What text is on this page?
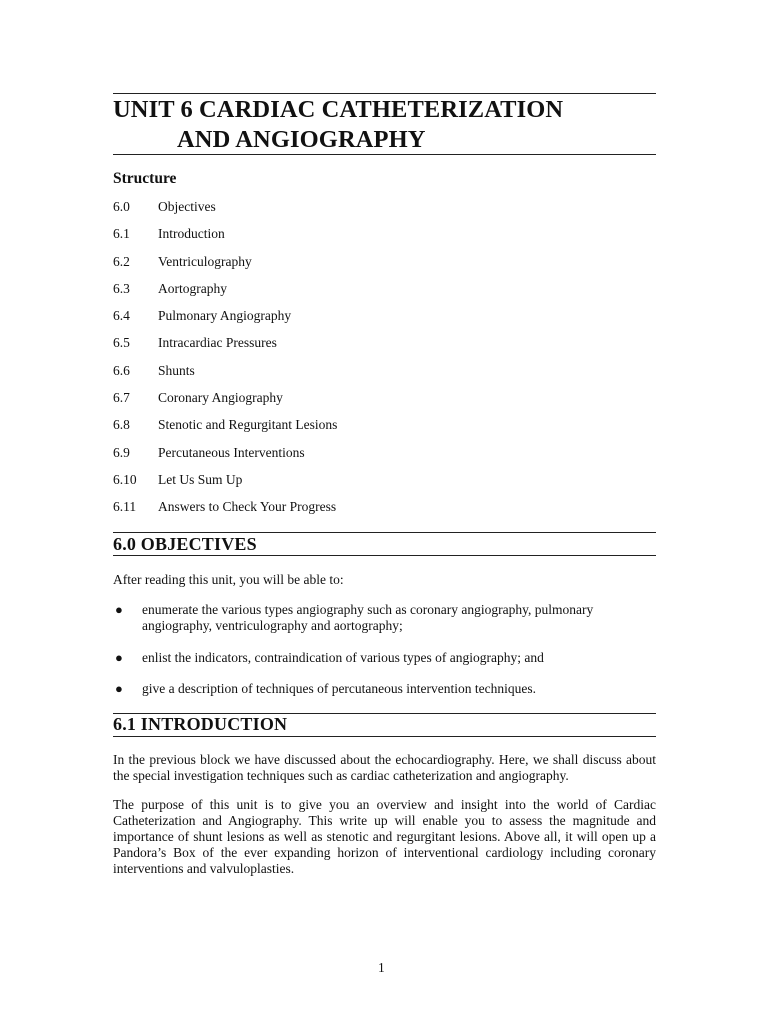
UNIT 6 CARDIAC CATHETERIZATION
AND ANGIOGRAPHY
Structure
6.0 Objectives
6.1 Introduction
6.2 Ventriculography
6.3 Aortography
6.4 Pulmonary Angiography
6.5 Intracardiac Pressures
6.6 Shunts
6.7 Coronary Angiography
6.8 Stenotic and Regurgitant Lesions
6.9 Percutaneous Interventions
6.10 Let Us Sum Up
6.11 Answers to Check Your Progress
6.0 OBJECTIVES
After reading this unit, you will be able to:
● enumerate the various types angiography such as coronary angiography, pulmonary angiography, ventriculography and aortography;
● enlist the indicators, contraindication of various types of angiography; and
● give a description of techniques of percutaneous intervention techniques.
6.1 INTRODUCTION
In the previous block we have discussed about the echocardiography. Here, we shall discuss about the special investigation techniques such as cardiac catheterization and angiography.
The purpose of this unit is to give you an overview and insight into the world of Cardiac Catheterization and Angiography. This write up will enable you to assess the magnitude and importance of shunt lesions as well as stenotic and regurgitant lesions. Above all, it will open up a Pandora’s Box of the ever expanding horizon of interventional cardiology including coronary interventions and valvuloplasties.
1
